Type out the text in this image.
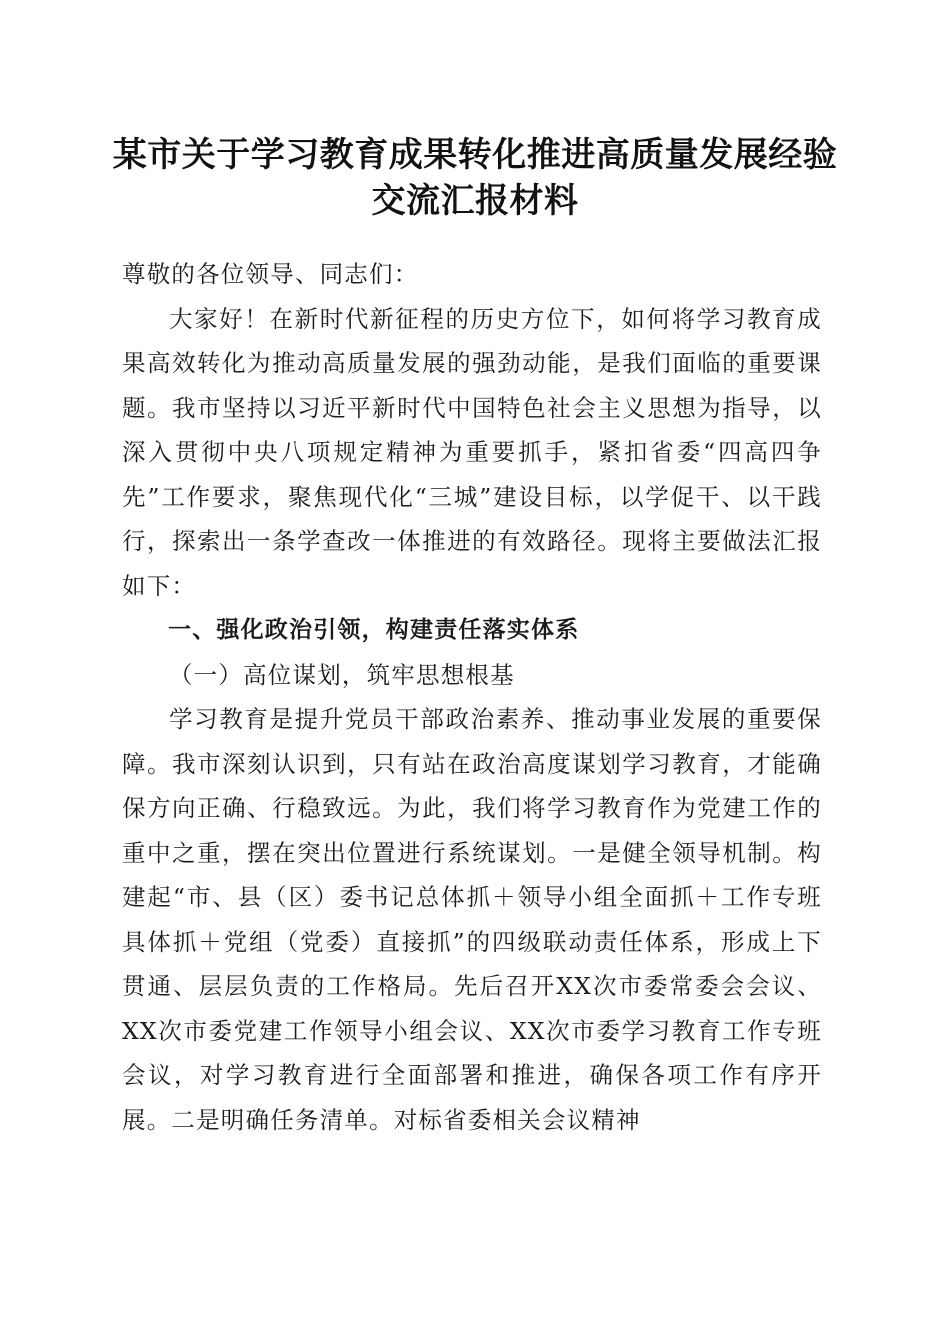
某市关于学习教育成果转化推进高质量发展经验交流汇报材料

尊敬的各位领导、同志们：

大家好！在新时代新征程的历史方位下，如何将学习教育成果高效转化为推动高质量发展的强劲动能，是我们面临的重要课题。我市坚持以习近平新时代中国特色社会主义思想为指导，以深入贯彻中央八项规定精神为重要抓手，紧扣省委“四高四争先”工作要求，聚焦现代化“三城”建设目标，以学促干、以干践行，探索出一条学查改一体推进的有效路径。现将主要做法汇报如下：

一、强化政治引领，构建责任落实体系

（一）高位谋划，筑牢思想根基

学习教育是提升党员干部政治素养、推动事业发展的重要保障。我市深刻认识到，只有站在政治高度谋划学习教育，才能确保方向正确、行稳致远。为此，我们将学习教育作为党建工作的重中之重，摆在突出位置进行系统谋划。一是健全领导机制。构建起“市、县（区）委书记总体抓＋领导小组全面抓＋工作专班具体抓＋党组（党委）直接抓”的四级联动责任体系，形成上下贯通、层层负责的工作格局。先后召开XX次市委常委会会议、XX次市委党建工作领导小组会议、XX次市委学习教育工作专班会议，对学习教育进行全面部署和推进，确保各项工作有序开展。二是明确任务清单。对标省委相关会议精神
